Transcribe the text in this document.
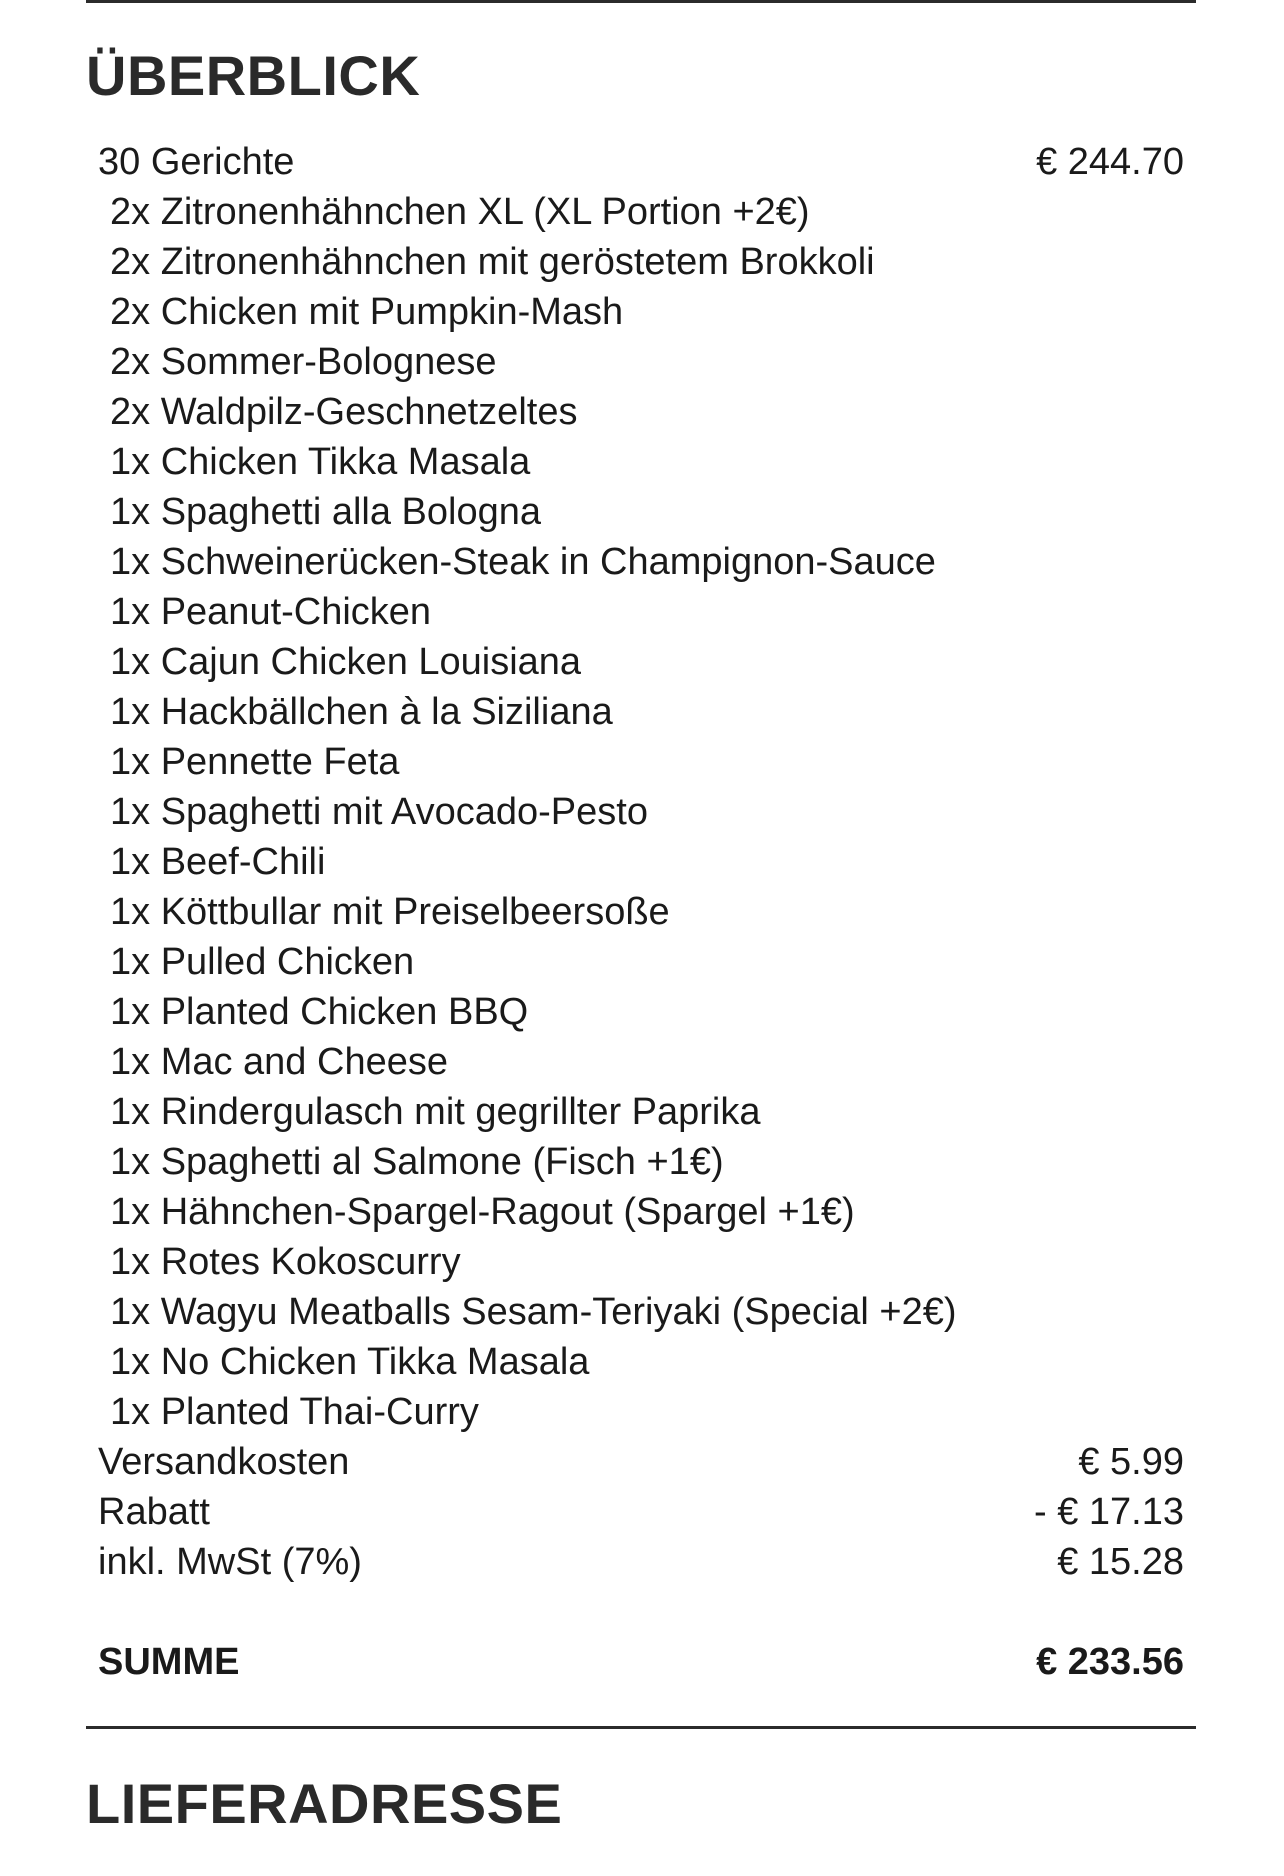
ÜBERBLICK
30 Gerichte	€ 244.70
2x Zitronenhähnchen XL (XL Portion +2€)
2x Zitronenhähnchen mit geröstetem Brokkoli
2x Chicken mit Pumpkin-Mash
2x Sommer-Bolognese
2x Waldpilz-Geschnetzeltes
1x Chicken Tikka Masala
1x Spaghetti alla Bologna
1x Schweinerücken-Steak in Champignon-Sauce
1x Peanut-Chicken
1x Cajun Chicken Louisiana
1x Hackbällchen à la Siziliana
1x Pennette Feta
1x Spaghetti mit Avocado-Pesto
1x Beef-Chili
1x Köttbullar mit Preiselbeersoße
1x Pulled Chicken
1x Planted Chicken BBQ
1x Mac and Cheese
1x Rindergulasch mit gegrillter Paprika
1x Spaghetti al Salmone (Fisch +1€)
1x Hähnchen-Spargel-Ragout (Spargel +1€)
1x Rotes Kokoscurry
1x Wagyu Meatballs Sesam-Teriyaki (Special +2€)
1x No Chicken Tikka Masala
1x Planted Thai-Curry
Versandkosten	€ 5.99
Rabatt	- € 17.13
inkl. MwSt (7%)	€ 15.28
SUMME	€ 233.56
LIEFERADRESSE
